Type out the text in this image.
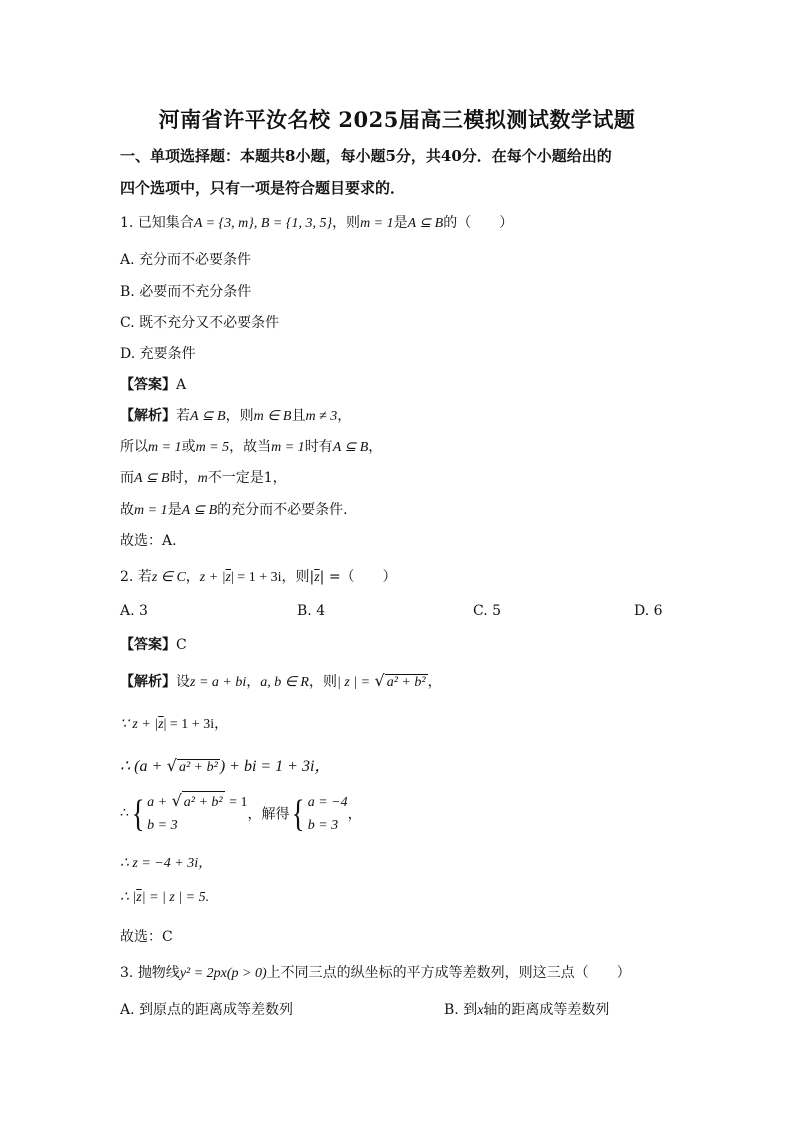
河南省许平汝名校 2025届高三模拟测试数学试题
一、单项选择题：本题共8小题，每小题5分，共40分．在每个小题给出的
四个选项中，只有一项是符合题目要求的．
1. 已知集合A = {3, m}, B = {1, 3, 5}，则m = 1是A ⊆ B的（　　）
A. 充分而不必要条件
B. 必要而不充分条件
C. 既不充分又不必要条件
D. 充要条件
【答案】A
【解析】若A ⊆ B，则m ∈ B且m ≠ 3，
所以m = 1或m = 5，故当m = 1时有A ⊆ B，
而A ⊆ B时，m不一定是1，
故m = 1是A ⊆ B的充分而不必要条件.
故选：A.
2. 若z ∈ C，$z + |\overline{z}| = 1 + 3i$，则$|\overline{z}|$ =（　　）
A. 3	B. 4	C. 5	D. 6
【答案】C
【解析】设z = a + bi，a, b ∈ R，则| z | = √ a² + b² ，
∵ $z + |\overline{z}| = 1 + 3i$，
∴ (a + √ a² + b² ) + bi = 1 + 3i，
∴{ a + √ a² + b² = 1
b = 3
，解得{ a = −4
b = 3
，
∴ z = −4 + 3i，
∴ $|\overline{z}|$ = | z | = 5.
故选：C
3. 抛物线y² = 2px(p > 0)上不同三点的纵坐标的平方成等差数列，则这三点（　　）
A. 到原点的距离成等差数列	B. 到x轴的距离成等差数列
